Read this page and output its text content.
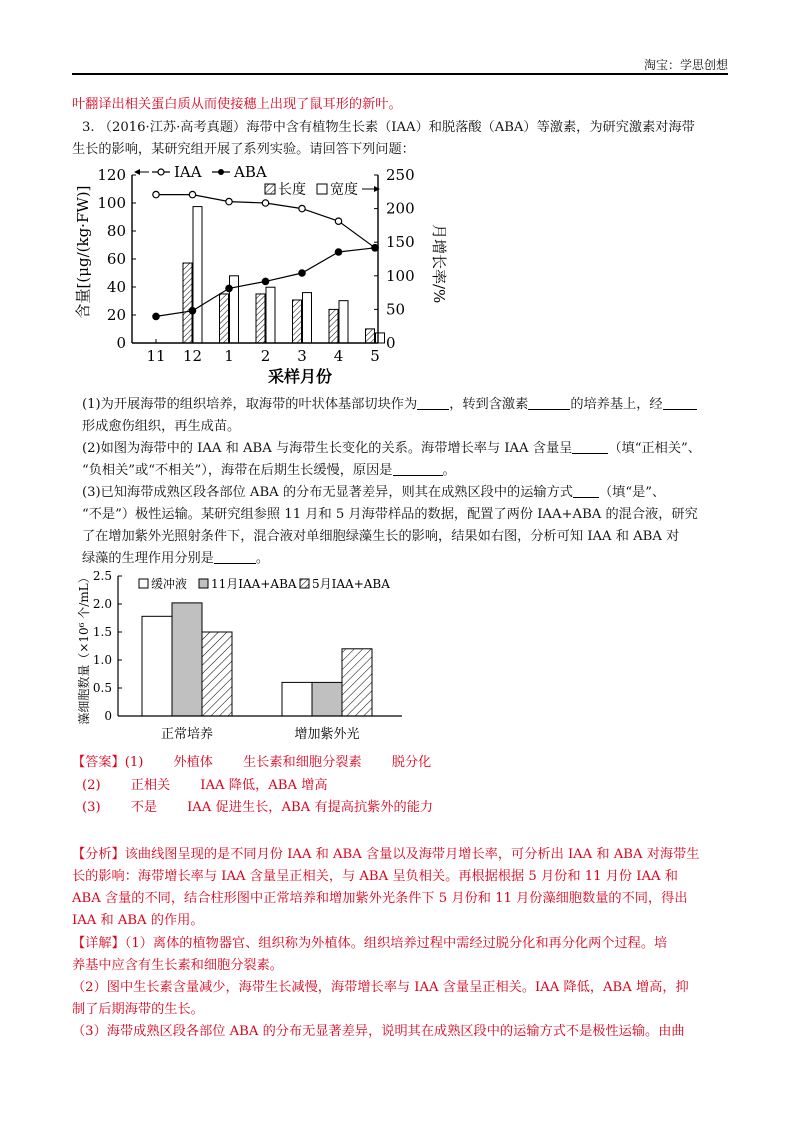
淘宝：学思创想
叶翻译出相关蛋白质从而使接穗上出现了鼠耳形的新叶。
3. （2016·江苏·高考真题）海带中含有植物生长素（IAA）和脱落酸（ABA）等激素，为研究激素对海带
生长的影响，某研究组开展了系列实验。请回答下列问题：
0
20
40
60
80
100
120
0
50
100
150
200
250
11 12 1 2 3 4 5
IAA ABA
长度 宽度
含量[(μg/(kg·FW)]	月增长率/%
采样月份
(1)为开展海带的组织培养，取海带的叶状体基部切块作为 ，转到含激素	的培养基上，经
形成愈伤组织，再生成苗。
(2)如图为海带中的 IAA 和 ABA 与海带生长变化的关系。海带增长率与 IAA 含量呈	（填“正相关”、
“负相关”或“不相关”），海带在后期生长缓慢，原因是	。
(3)已知海带成熟区段各部位 ABA 的分布无显著差异，则其在成熟区段中的运输方式 （填“是”、
“不是”）极性运输。某研究组参照 11 月和 5 月海带样品的数据，配置了两份 IAA+ABA 的混合液，研究
了在增加紫外光照射条件下，混合液对单细胞绿藻生长的影响，结果如右图，分析可知 IAA 和 ABA 对
绿藻的生理作用分别是	。
0
0.5
1.0
1.5
2.0
2.5
正常培养	增加紫外光
缓冲液 11月IAA+ABA 5月IAA+ABA
藻细胞数量（×10⁶ 个/mL）
【答案】(1) 外植体 生长素和细胞分裂素 脱分化
(2) 正相关 IAA 降低，ABA 增高
(3) 不是 IAA 促进生长，ABA 有提高抗紫外的能力
【分析】该曲线图呈现的是不同月份 IAA 和 ABA 含量以及海带月增长率，可分析出 IAA 和 ABA 对海带生
长的影响：海带增长率与 IAA 含量呈正相关，与 ABA 呈负相关。再根据根据 5 月份和 11 月份 IAA 和
ABA 含量的不同，结合柱形图中正常培养和增加紫外光条件下 5 月份和 11 月份藻细胞数量的不同，得出
IAA 和 ABA 的作用。
【详解】（1）离体的植物器官、组织称为外植体。组织培养过程中需经过脱分化和再分化两个过程。培
养基中应含有生长素和细胞分裂素。
（2）图中生长素含量减少，海带生长减慢，海带增长率与 IAA 含量呈正相关。IAA 降低，ABA 增高，抑
制了后期海带的生长。
（3）海带成熟区段各部位 ABA 的分布无显著差异，说明其在成熟区段中的运输方式不是极性运输。由曲
